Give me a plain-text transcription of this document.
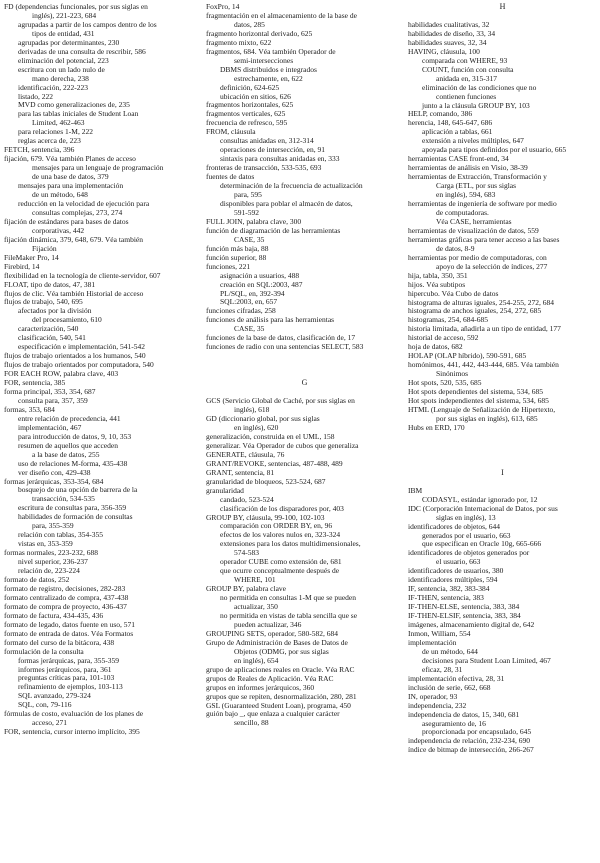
FD (dependencias funcionales, por sus siglas en
inglés), 221-223, 684
agrupadas a partir de los campos dentro de los
tipos de entidad, 431
agrupadas por determinantes, 230
derivadas de una consulta de rescribir, 586
eliminación del potencial, 223
escritura con un lado nulo de
mano derecha, 238
identificación, 222-223
listado, 222
MVD como generalizaciones de, 235
para las tablas iniciales de Student Loan
Limited, 462-463
para relaciones 1-M, 222
reglas acerca de, 223
FETCH, sentencia, 396
fijación, 679. Véa también Planes de acceso
mensajes para un lenguaje de programación
de una base de datos, 379
mensajes para una implementación
de un método, 648
reducción en la velocidad de ejecución para
consultas complejas, 273, 274
fijación de estándares para bases de datos
corporativas, 442
fijación dinámica, 379, 648, 679. Véa también
Fijación
FileMaker Pro, 14
Firebird, 14
flexibilidad en la tecnología de cliente-servidor, 607
FLOAT, tipo de datos, 47, 381
flujos de clic. Véa también Historial de acceso
flujos de trabajo, 540, 695
afectados por la división
del procesamiento, 610
caracterización, 540
clasificación, 540, 541
especificación e implementación, 541-542
flujos de trabajo orientados a los humanos, 540
flujos de trabajo orientados por computadora, 540
FOR EACH ROW, palabra clave, 403
FOR, sentencia, 385
forma principal, 353, 354, 687
consulta para, 357, 359
formas, 353, 684
entre relación de precedencia, 441
implementación, 467
para introducción de datos, 9, 10, 353
resumen de aquellos que acceden
a la base de datos, 255
uso de relaciones M-forma, 435-438
ver diseño con, 429-438
formas jerárquicas, 353-354, 684
bosquejo de una opción de barrera de la
transacción, 534-535
escritura de consultas para, 356-359
habilidades de formación de consultas
para, 355-359
relación con tablas, 354-355
vistas en, 353-359
formas normales, 223-232, 688
nivel superior, 236-237
relación de, 223-224
formato de datos, 252
formato de registro, decisiones, 282-283
formato centralizado de compra, 437-438
formato de compra de proyecto, 436-437
formato de factura, 434-435, 436
formato de legado, datos fuente en uso, 571
formato de entrada de datos. Véa Formatos
formato del curso de la bitácora, 438
formulación de la consulta
formas jerárquicas, para, 355-359
informes jerárquicos, para, 361
preguntas críticas para, 101-103
refinamiento de ejemplos, 103-113
SQL avanzado, 279-324
SQL, con, 79-116
fórmulas de costo, evaluación de los planes de
acceso, 271
FOR, sentencia, cursor interno implícito, 395
FoxPro, 14
fragmentación en el almacenamiento de la base de
datos, 285
fragmento horizontal derivado, 625
fragmento mixto, 622
fragmentos, 684. Véa también Operador de
semi-intersecciones
DBMS distribuidos e integrados
estrechamente, en, 622
definición, 624-625
ubicación en sitios, 626
fragmentos horizontales, 625
fragmentos verticales, 625
frecuencia de refresco, 595
FROM, cláusula
consultas anidadas en, 312-314
operaciones de intersección, en, 91
sintaxis para consultas anidadas en, 333
fronteras de transacción, 533-535, 693
fuentes de datos
determinación de la frecuencia de actualización
para, 595
disponibles para poblar el almacén de datos,
591-592
FULL JOIN, palabra clave, 300
función de diagramación de las herramientas
CASE, 35
función más baja, 88
función superior, 88
funciones, 221
asignación a usuarios, 488
creación en SQL:2003, 487
PL/SQL, en, 392-394
SQL:2003, en, 657
funciones cifradas, 258
funciones de análisis para las herramientas
CASE, 35
funciones de la base de datos, clasificación de, 17
funciones de radio con una sentencias SELECT, 583
G
GCS (Servicio Global de Caché, por sus siglas en
inglés), 618
GD (diccionario global, por sus siglas
en inglés), 620
generalización, construida en el UML, 158
generalizar. Véa Operador de cubos que generaliza
GENERATE, cláusula, 76
GRANT/REVOKE, sentencias, 487-488, 489
GRANT, sentencia, 81
granularidad de bloqueos, 523-524, 687
granularidad
candado, 523-524
clasificación de los disparadores por, 403
GROUP BY, cláusula, 99-100, 102-103
comparación con ORDER BY, en, 96
efectos de los valores nulos en, 323-324
extensiones para los datos multidimensionales,
574-583
operador CUBE como extensión de, 681
que ocurre conceptualmente después de
WHERE, 101
GROUP BY, palabra clave
no permitida en consultas 1-M que se pueden
actualizar, 350
no permitida en vistas de tabla sencilla que se
pueden actualizar, 346
GROUPING SETS, operador, 580-582, 684
Grupo de Administración de Bases de Datos de
Objetos (ODMG, por sus siglas
en inglés), 654
grupo de aplicaciones reales en Oracle. Véa RAC
grupos de Reales de Aplicación. Véa RAC
grupos en informes jerárquicos, 360
grupos que se repiten, desnormalización, 280, 281
GSL (Guaranteed Student Loan), programa, 450
guión bajo _, que enlaza a cualquier carácter
sencillo, 88
H
habilidades cualitativas, 32
habilidades de diseño, 33, 34
habilidades suaves, 32, 34
HAVING, cláusula, 100
comparada con WHERE, 93
COUNT, función con consulta
anidada en, 315-317
eliminación de las condiciones que no
contienen funciones
junto a la cláusula GROUP BY, 103
HELP, comando, 386
herencia, 148, 645-647, 686
aplicación a tablas, 661
extensión a niveles múltiples, 647
apoyada para tipos definidos por el usuario, 665
herramientas CASE front-end, 34
herramientas de análisis en Visio, 38-39
herramientas de Extracción, Transformación y
Carga (ETL, por sus siglas
en inglés), 594, 683
herramientas de ingeniería de software por medio
de computadoras.
Véa CASE, herramientas
herramientas de visualización de datos, 559
herramientas gráficas para tener acceso a las bases
de datos, 8-9
herramientas por medio de computadoras, con
apoyo de la selección de índices, 277
hija, tabla, 350, 351
hijos. Véa subtipos
hipercubo. Véa Cubo de datos
histograma de alturas iguales, 254-255, 272, 684
histograma de anchos iguales, 254, 272, 685
histogramas, 254, 684-685
historia limitada, añadirla a un tipo de entidad, 177
historial de acceso, 592
hoja de datos, 682
HOLAP (OLAP híbrido), 590-591, 685
homónimos, 441, 442, 443-444, 685. Véa también
Sinónimos
Hot spots, 520, 535, 685
Hot spots dependientes del sistema, 534, 685
Hot spots independientes del sistema, 534, 685
HTML (Lenguaje de Señalización de Hipertexto,
por sus siglas en inglés), 613, 685
Hubs en ERD, 170
I
IBM
CODASYL, estándar ignorado por, 12
IDC (Corporación Internacional de Datos, por sus
siglas en inglés), 13
identificadores de objetos, 644
generados por el usuario, 663
que especifican en Oracle 10g, 665-666
identificadores de objetos generados por
el usuario, 663
identificadores de usuarios, 380
identificadores múltiples, 594
IF, sentencia, 382, 383-384
IF-THEN, sentencia, 383
IF-THEN-ELSE, sentencia, 383, 384
IF-THEN-ELSIF, sentencia, 383, 384
imágenes, almacenamiento digital de, 642
Inmon, William, 554
implementación
de un método, 644
decisiones para Student Loan Limited, 467
eficaz, 28, 31
implementación efectiva, 28, 31
inclusión de serie, 662, 668
IN, operador, 93
independencia, 232
independencia de datos, 15, 340, 681
aseguramiento de, 16
proporcionada por encapsulado, 645
independencia de relación, 232-234, 690
índice de bitmap de intersección, 266-267
